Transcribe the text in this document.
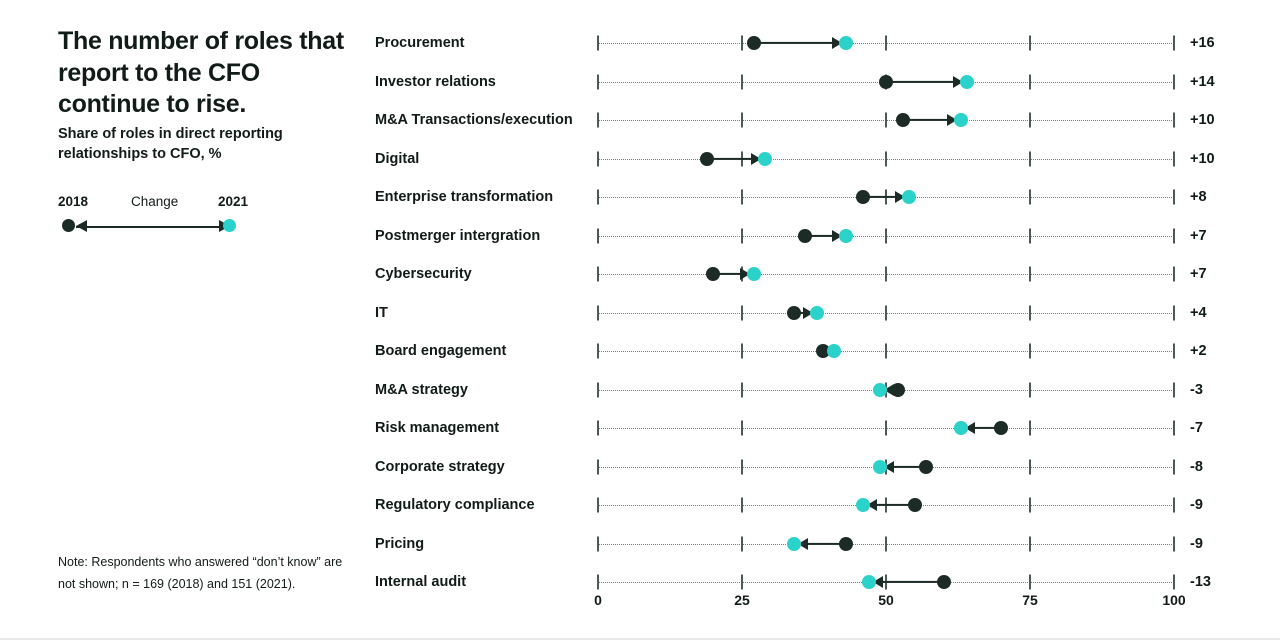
The number of roles that report to the CFO continue to rise.
Share of roles in direct reporting relationships to CFO, %
2018	Change	2021
Note: Respondents who answered “don’t know” are not shown; n = 169 (2018) and 151 (2021).
Procurement	+16
Investor relations	+14
M&A Transactions/execution	+10
Digital	+10
Enterprise transformation	+8
Postmerger intergration	+7
Cybersecurity	+7
IT	+4
Board engagement	+2
M&A strategy	-3
Risk management	-7
Corporate strategy	-8
Regulatory compliance	-9
Pricing	-9
Internal audit	-13
0	25	50	75	100
